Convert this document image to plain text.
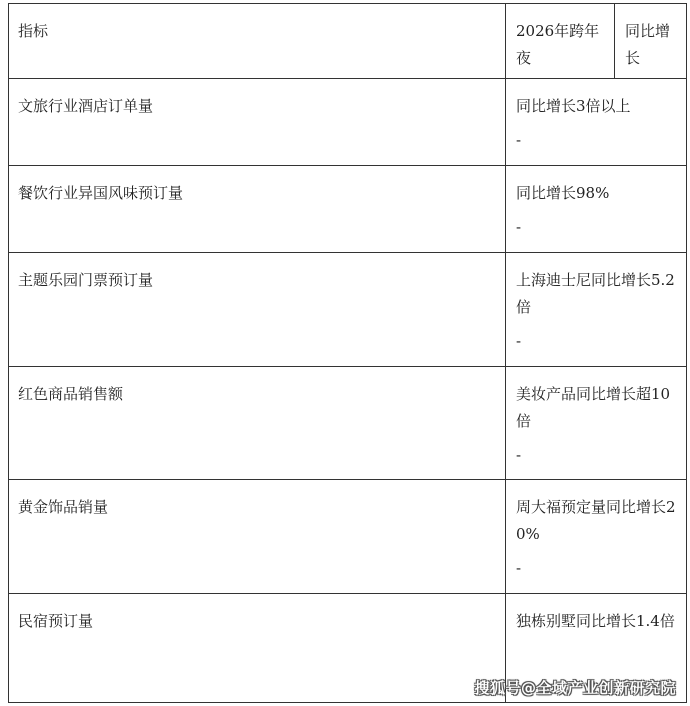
指标	2026年跨年夜	同比增长

文旅行业酒店订单量	同比增长3倍以上
-	

餐饮行业异国风味预订量	同比增长98%
-	

主题乐园门票预订量	上海迪士尼同比增长5.2倍
-	

红色商品销售额	美妆产品同比增长超10倍
-	

黄金饰品销量	周大福预定量同比增长20%
-	

民宿预订量	独栋别墅同比增长1.4倍	
搜狐号@全域产业创新研究院
